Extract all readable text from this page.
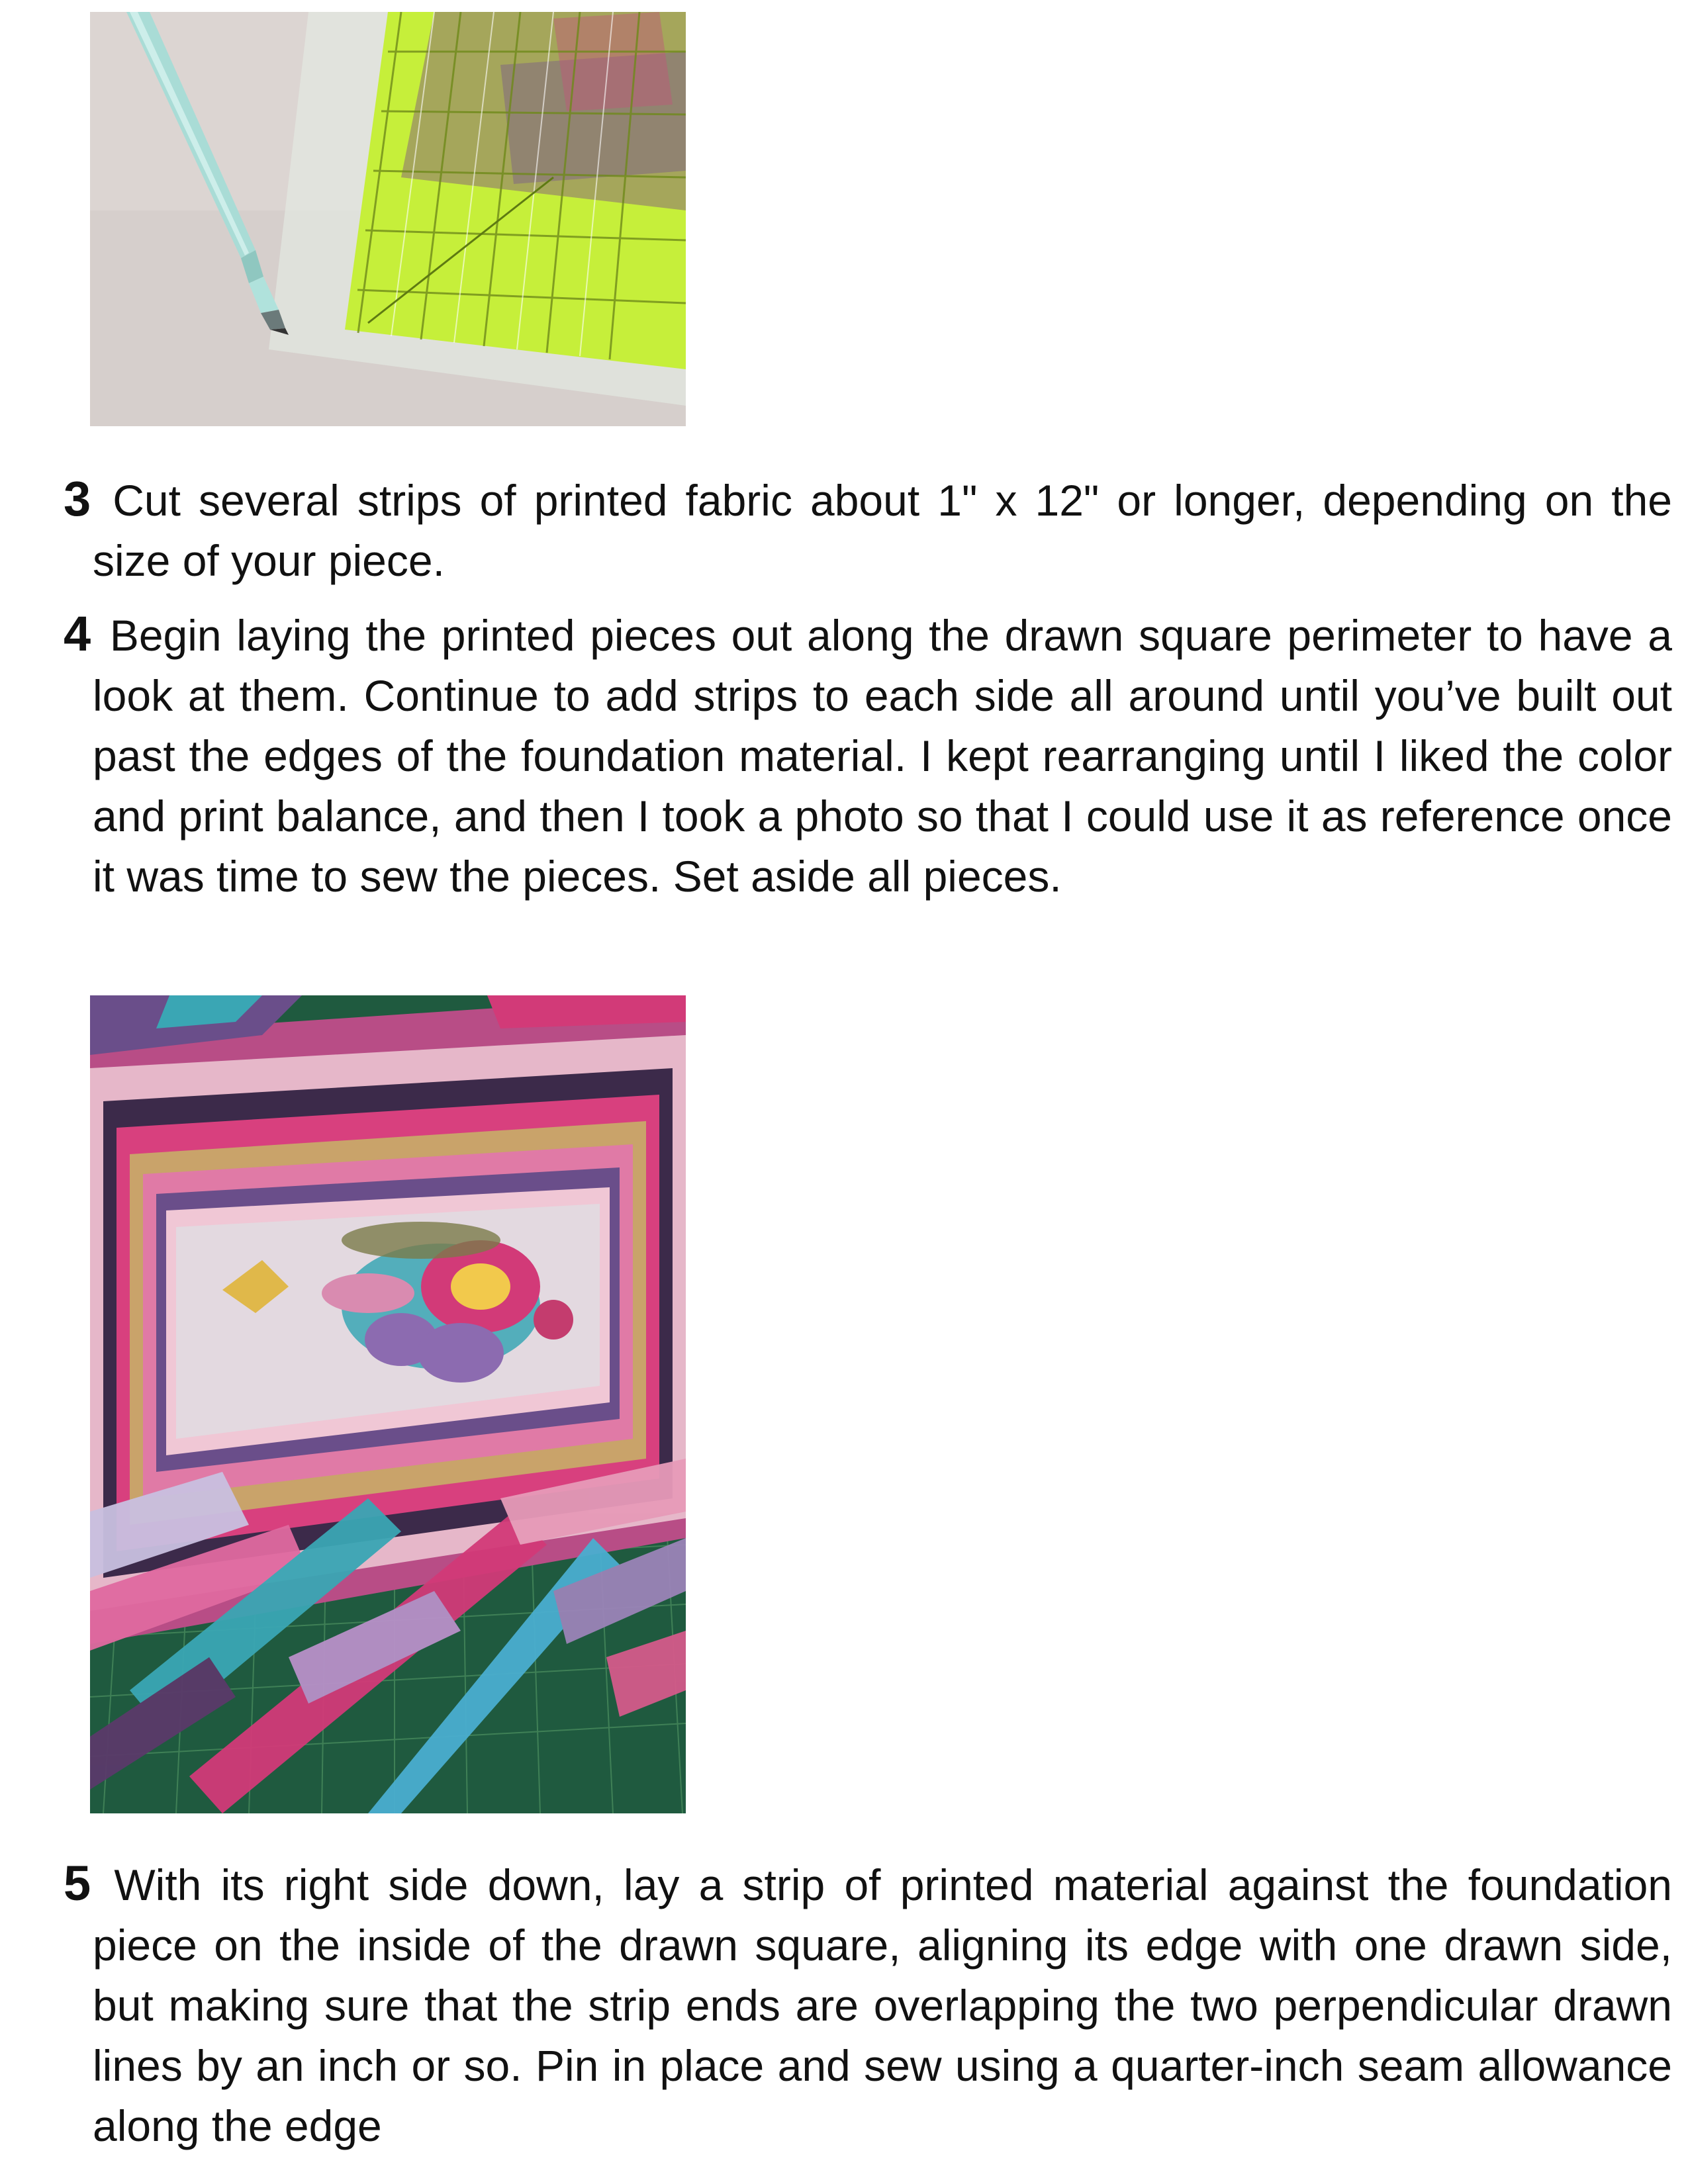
3 Cut several strips of printed fabric about 1" x 12" or longer, depending on the size of your piece.
4 Begin laying the printed pieces out along the drawn square perimeter to have a look at them. Continue to add strips to each side all around until you’ve built out past the edges of the foundation material. I kept rearranging until I liked the color and print balance, and then I took a photo so that I could use it as reference once it was time to sew the pieces. Set aside all pieces.
5 With its right side down, lay a strip of printed material against the foundation piece on the inside of the drawn square, aligning its edge with one drawn side, but making sure that the strip ends are overlapping the two perpendicular drawn lines by an inch or so. Pin in place and sew using a quarter-inch seam allowance along the edge
